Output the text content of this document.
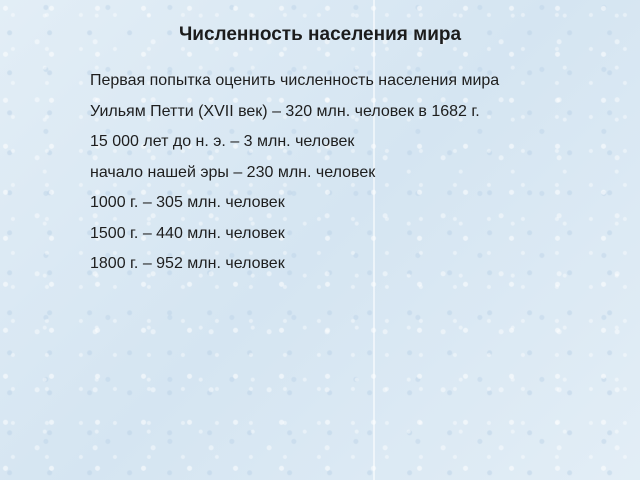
Численность населения мира
Первая попытка оценить численность населения мира
Уильям Петти (XVII век) – 320 млн. человек в 1682 г.
15 000 лет до н. э. – 3 млн. человек
начало нашей эры – 230 млн. человек
1000 г. – 305 млн. человек
1500 г. – 440 млн. человек
1800 г. – 952 млн. человек
